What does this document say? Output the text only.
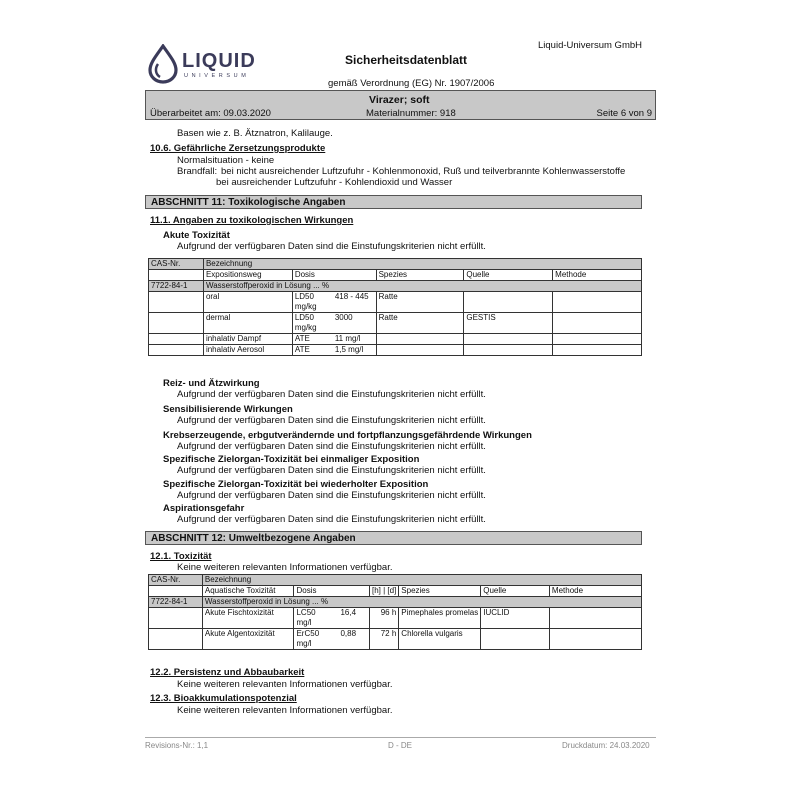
LIQUID
UNIVERSUM
Sicherheitsdatenblatt
Liquid-Universum GmbH
gemäß Verordnung (EG) Nr. 1907/2006
Virazer; soft
Überarbeitet am: 09.03.2020	Materialnummer: 918	Seite 6 von 9
Basen wie z. B. Ätznatron, Kalilauge.
10.6. Gefährliche Zersetzungsprodukte
Normalsituation - keine
Brandfall: bei nicht ausreichender Luftzufuhr - Kohlenmonoxid, Ruß und teilverbrannte Kohlenwasserstoffe
bei ausreichender Luftzufuhr - Kohlendioxid und Wasser
ABSCHNITT 11: Toxikologische Angaben
11.1. Angaben zu toxikologischen Wirkungen
Akute Toxizität
Aufgrund der verfügbaren Daten sind die Einstufungskriterien nicht erfüllt.
CAS-Nr.	Bezeichnung				
	Expositionsweg	Dosis	Spezies	Quelle	Methode
7722-84-1	Wasserstoffperoxid in Lösung ... %				
	oral	LD50 418 - 445
mg/kg	Ratte		
	dermal	LD50 3000
mg/kg	Ratte	GESTIS	
	inhalativ Dampf	ATE 11 mg/l			

	inhalativ Aerosol	ATE 1,5 mg/l			

Reiz- und Ätzwirkung
Aufgrund der verfügbaren Daten sind die Einstufungskriterien nicht erfüllt.
Sensibilisierende Wirkungen
Aufgrund der verfügbaren Daten sind die Einstufungskriterien nicht erfüllt.
Krebserzeugende, erbgutverändernde und fortpflanzungsgefährdende Wirkungen
Aufgrund der verfügbaren Daten sind die Einstufungskriterien nicht erfüllt.
Spezifische Zielorgan-Toxizität bei einmaliger Exposition
Aufgrund der verfügbaren Daten sind die Einstufungskriterien nicht erfüllt.
Spezifische Zielorgan-Toxizität bei wiederholter Exposition
Aufgrund der verfügbaren Daten sind die Einstufungskriterien nicht erfüllt.
Aspirationsgefahr
Aufgrund der verfügbaren Daten sind die Einstufungskriterien nicht erfüllt.
ABSCHNITT 12: Umweltbezogene Angaben
12.1. Toxizität
Keine weiteren relevanten Informationen verfügbar.
CAS-Nr.	Bezeichnung					
	Aquatische Toxizität	Dosis	[h] | [d]	Spezies	Quelle	Methode
7722-84-1	Wasserstoffperoxid in Lösung ... %					
	Akute Fischtoxizität	LC50 16,4
mg/l	96 h	Pimephales promelas	IUCLID	
	Akute Algentoxizität	ErC50 0,88
mg/l	72 h	Chlorella vulgaris		
12.2. Persistenz und Abbaubarkeit
Keine weiteren relevanten Informationen verfügbar.
12.3. Bioakkumulationspotenzial
Keine weiteren relevanten Informationen verfügbar.
Revisions-Nr.: 1,1	D - DE	Druckdatum: 24.03.2020
